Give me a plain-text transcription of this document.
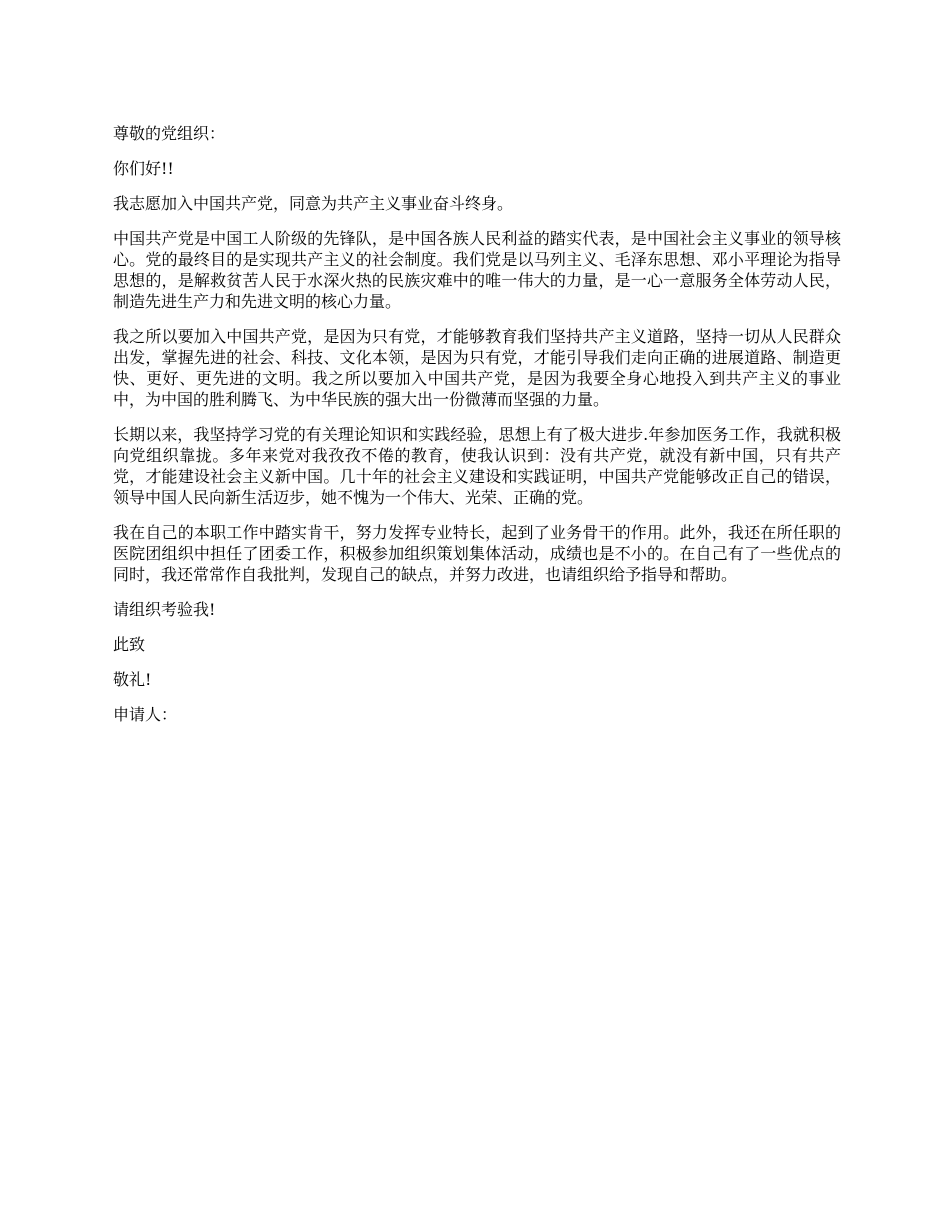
尊敬的党组织：

你们好!!

我志愿加入中国共产党，同意为共产主义事业奋斗终身。

中国共产党是中国工人阶级的先锋队，是中国各族人民利益的踏实代表，是中国社会主义事业的领导核心。党的最终目的是实现共产主义的社会制度。我们党是以马列主义、毛泽东思想、邓小平理论为指导思想的，是解救贫苦人民于水深火热的民族灾难中的唯一伟大的力量，是一心一意服务全体劳动人民，制造先进生产力和先进文明的核心力量。

我之所以要加入中国共产党，是因为只有党，才能够教育我们坚持共产主义道路，坚持一切从人民群众出发，掌握先进的社会、科技、文化本领，是因为只有党，才能引导我们走向正确的进展道路、制造更快、更好、更先进的文明。我之所以要加入中国共产党，是因为我要全身心地投入到共产主义的事业中，为中国的胜利腾飞、为中华民族的强大出一份微薄而坚强的力量。

长期以来，我坚持学习党的有关理论知识和实践经验，思想上有了极大进步.年参加医务工作，我就积极向党组织靠拢。多年来党对我孜孜不倦的教育，使我认识到：没有共产党，就没有新中国，只有共产党，才能建设社会主义新中国。几十年的社会主义建设和实践证明，中国共产党能够改正自己的错误，领导中国人民向新生活迈步，她不愧为一个伟大、光荣、正确的党。

我在自己的本职工作中踏实肯干，努力发挥专业特长，起到了业务骨干的作用。此外，我还在所任职的医院团组织中担任了团委工作，积极参加组织策划集体活动，成绩也是不小的。在自己有了一些优点的同时，我还常常作自我批判，发现自己的缺点，并努力改进，也请组织给予指导和帮助。

请组织考验我!

此致

敬礼!

申请人：
